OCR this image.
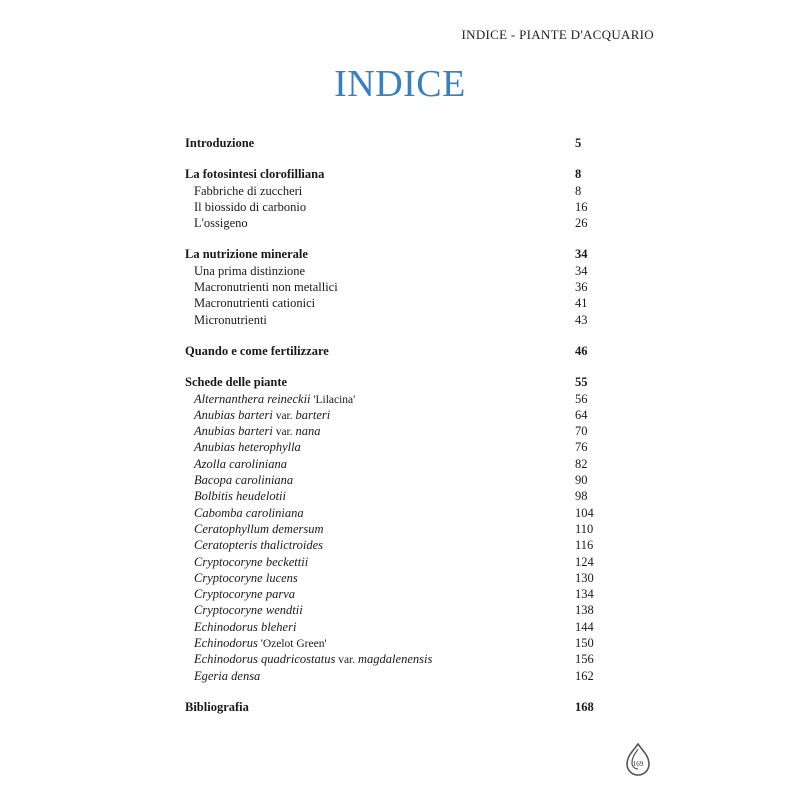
INDICE - PIANTE D'ACQUARIO
INDICE
Introduzione	5
La fotosintesi clorofilliana	8
Fabbriche di zuccheri	8
Il biossido di carbonio	16
L'ossigeno	26
La nutrizione minerale	34
Una prima distinzione	34
Macronutrienti non metallici	36
Macronutrienti cationici	41
Micronutrienti	43
Quando e come fertilizzare	46
Schede delle piante	55
Alternanthera reineckii 'Lilacina'	56
Anubias barteri var. barteri	64
Anubias barteri var. nana	70
Anubias heterophylla	76
Azolla caroliniana	82
Bacopa caroliniana	90
Bolbitis heudelotii	98
Cabomba caroliniana	104
Ceratophyllum demersum	110
Ceratopteris thalictroides	116
Cryptocoryne beckettii	124
Cryptocoryne lucens	130
Cryptocoryne parva	134
Cryptocoryne wendtii	138
Echinodorus bleheri	144
Echinodorus 'Ozelot Green'	150
Echinodorus quadricostatus var. magdalenensis	156
Egeria densa	162
Bibliografia	168
169
